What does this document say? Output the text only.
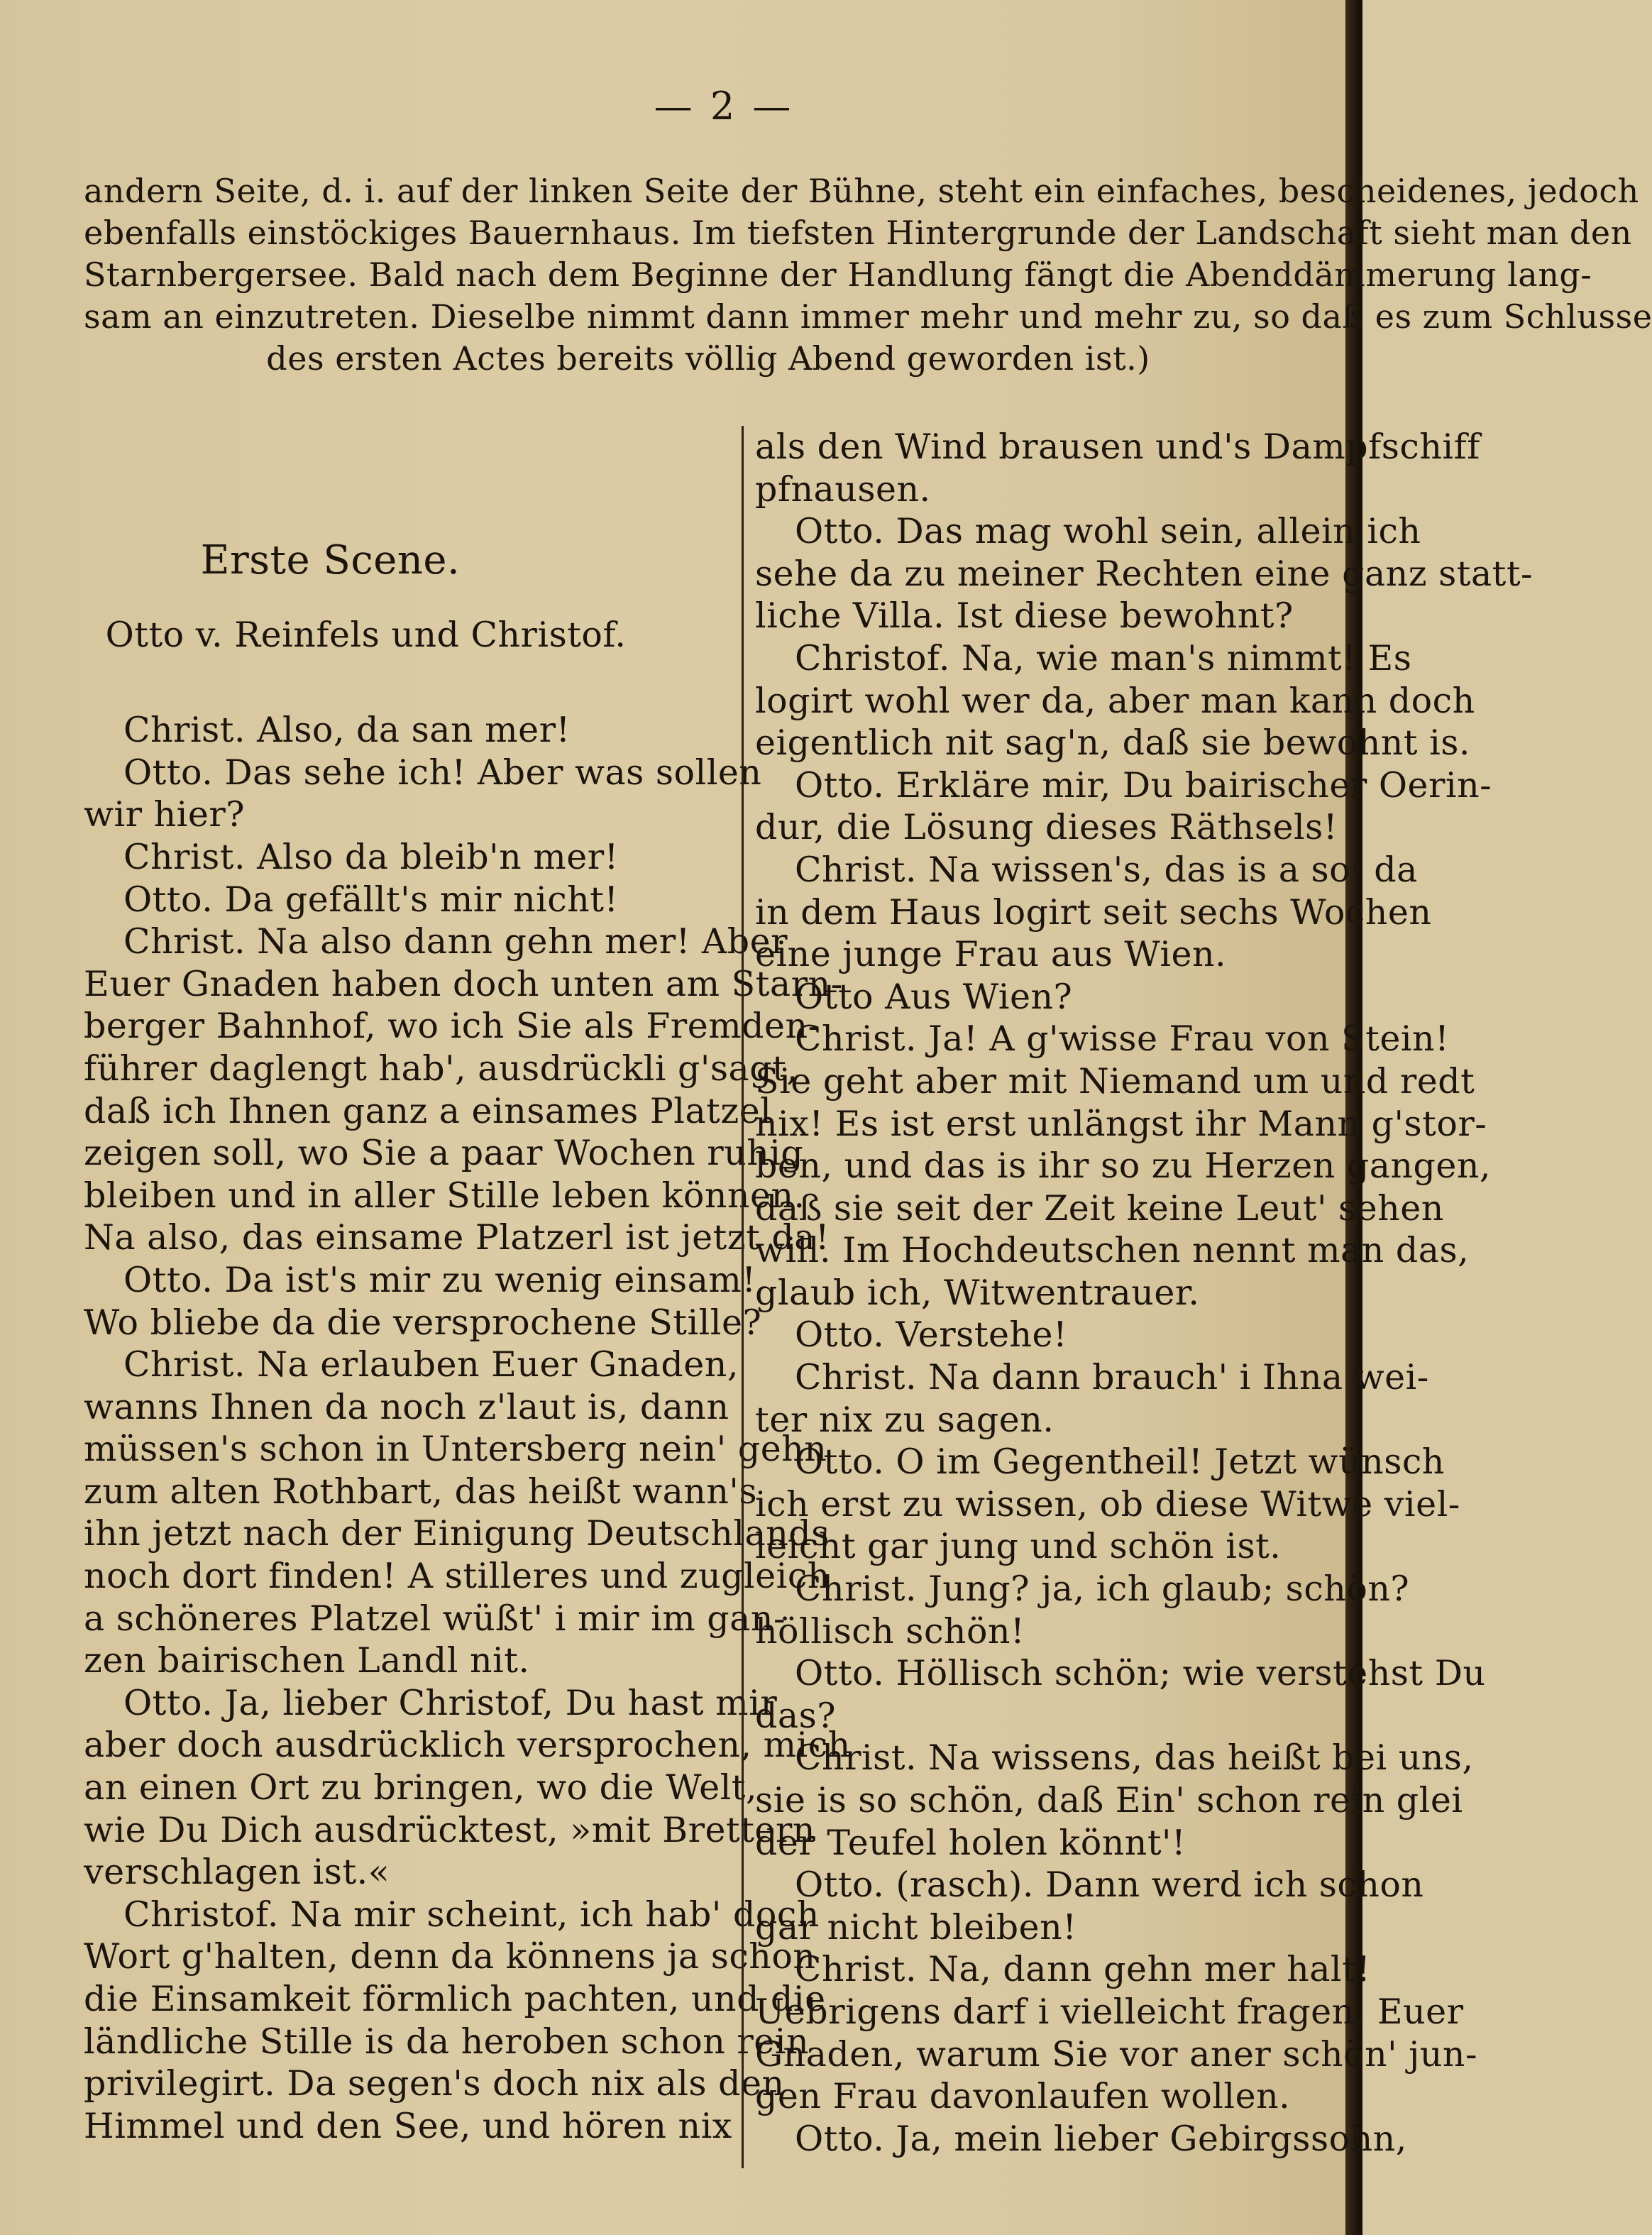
— 2 —

andern Seite, d. i. auf der linken Seite der Bühne, steht ein einfaches, bescheidenes, jedoch

ebenfalls einstöckiges Bauernhaus. Im tiefsten Hintergrunde der Landschaft sieht man den

Starnbergersee. Bald nach dem Beginne der Handlung fängt die Abenddämmerung lang-

sam an einzutreten. Dieselbe nimmt dann immer mehr und mehr zu, so daß es zum Schlusse

des ersten Actes bereits völlig Abend geworden ist.)

Erste Scene.

Otto v. Reinfels und Christof.

Christ. Also, da san mer!

Otto. Das sehe ich! Aber was sollen

wir hier?

Christ. Also da bleib'n mer!

Otto. Da gefällt's mir nicht!

Christ. Na also dann gehn mer! Aber

Euer Gnaden haben doch unten am Starn-

berger Bahnhof, wo ich Sie als Fremden-

führer daglengt hab', ausdrückli g'sagt,

daß ich Ihnen ganz a einsames Platzel

zeigen soll, wo Sie a paar Wochen ruhig

bleiben und in aller Stille leben können.

Na also, das einsame Platzerl ist jetzt da!

Otto. Da ist's mir zu wenig einsam!

Wo bliebe da die versprochene Stille?

Christ. Na erlauben Euer Gnaden,

wanns Ihnen da noch z'laut is, dann

müssen's schon in Untersberg nein' gehn

zum alten Rothbart, das heißt wann's

ihn jetzt nach der Einigung Deutschlands

noch dort finden! A stilleres und zugleich

a schöneres Platzel wüßt' i mir im gan-

zen bairischen Landl nit.

Otto. Ja, lieber Christof, Du hast mir

aber doch ausdrücklich versprochen, mich

an einen Ort zu bringen, wo die Welt,

wie Du Dich ausdrücktest, »mit Brettern

verschlagen ist.«

Christof. Na mir scheint, ich hab' doch

Wort g'halten, denn da könnens ja schon

die Einsamkeit förmlich pachten, und die

ländliche Stille is da heroben schon rein

privilegirt. Da segen's doch nix als den

Himmel und den See, und hören nix

als den Wind brausen und's Dampfschiff

pfnausen.

Otto. Das mag wohl sein, allein ich

sehe da zu meiner Rechten eine ganz statt-

liche Villa. Ist diese bewohnt?

Christof. Na, wie man's nimmt! Es

logirt wohl wer da, aber man kann doch

eigentlich nit sag'n, daß sie bewohnt is.

Otto. Erkläre mir, Du bairischer Oerin-

dur, die Lösung dieses Räthsels!

Christ. Na wissen's, das is a so: da

in dem Haus logirt seit sechs Wochen

eine junge Frau aus Wien.

Otto Aus Wien?

Christ. Ja! A g'wisse Frau von Stein!

Sie geht aber mit Niemand um und redt

nix! Es ist erst unlängst ihr Mann g'stor-

ben, und das is ihr so zu Herzen gangen,

daß sie seit der Zeit keine Leut' sehen

will. Im Hochdeutschen nennt man das,

glaub ich, Witwentrauer.

Otto. Verstehe!

Christ. Na dann brauch' i Ihna wei-

ter nix zu sagen.

Otto. O im Gegentheil! Jetzt wünsch

ich erst zu wissen, ob diese Witwe viel-

leicht gar jung und schön ist.

Christ. Jung? ja, ich glaub; schön?

höllisch schön!

Otto. Höllisch schön; wie verstehst Du

das?

Christ. Na wissens, das heißt bei uns,

sie is so schön, daß Ein' schon rein glei

der Teufel holen könnt'!

Otto. (rasch). Dann werd ich schon

gar nicht bleiben!

Christ. Na, dann gehn mer halt!

Uebrigens darf i vielleicht fragen, Euer

Gnaden, warum Sie vor aner schön' jun-

gen Frau davonlaufen wollen.

Otto. Ja, mein lieber Gebirgssohn,
